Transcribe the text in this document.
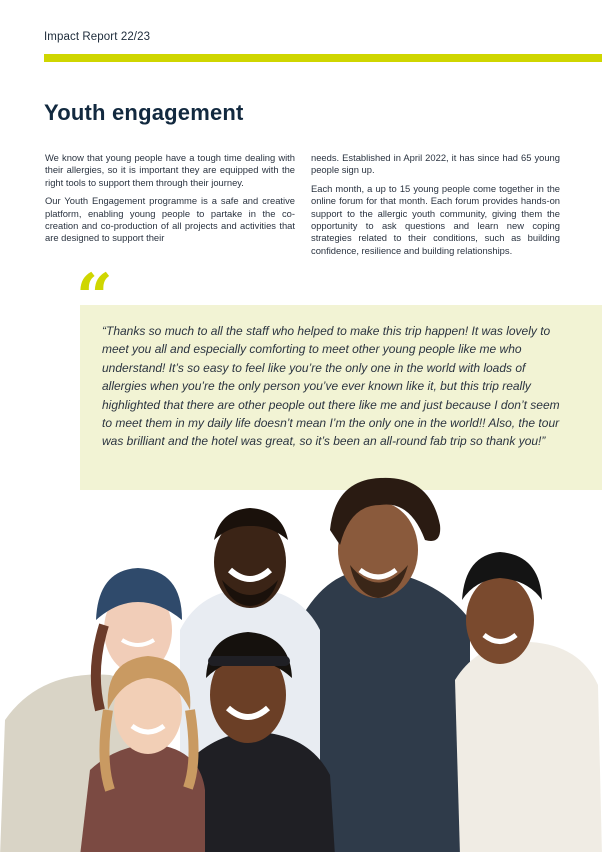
Impact Report 22/23
Youth engagement

We know that young people have a tough time dealing with their allergies, so it is important they are equipped with the right tools to support them through their journey.

Our Youth Engagement programme is a safe and creative platform, enabling young people to partake in the co-creation and co-production of all projects and activities that are designed to support their

needs. Established in April 2022, it has since had 65 young people sign up.

Each month, a up to 15 young people come together in the online forum for that month. Each forum provides hands-on support to the allergic youth community, giving them the opportunity to ask questions and learn new coping strategies related to their conditions, such as building confidence, resilience and building relationships.

“

“Thanks so much to all the staff who helped to make this trip happen! It was lovely to meet you all and especially comforting to meet other young people like me who understand! It’s so easy to feel like you’re the only one in the world with loads of allergies when you’re the only person you’ve ever known like it, but this trip really highlighted that there are other people out there like me and just because I don’t seem to meet them in my daily life doesn’t mean I’m the only one in the world!! Also, the tour was brilliant and the hotel was great, so it’s been an all-round fab trip so thank you!”
